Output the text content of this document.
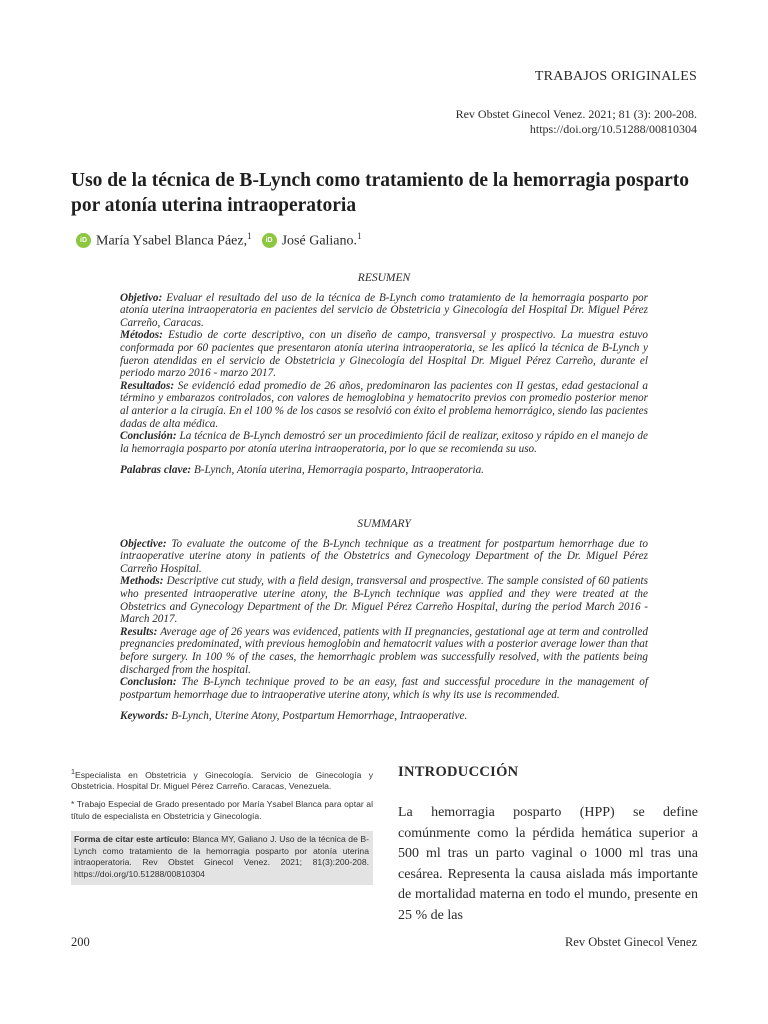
TRABAJOS ORIGINALES
Rev Obstet Ginecol Venez. 2021; 81 (3): 200-208.
https://doi.org/10.51288/00810304
Uso de la técnica de B-Lynch como tratamiento de la hemorragia posparto por atonía uterina intraoperatoria
iD María Ysabel Blanca Páez,$^1$	iD José Galiano.$^1$
RESUMEN

Objetivo: Evaluar el resultado del uso de la técnica de B-Lynch como tratamiento de la hemorragia posparto por atonía uterina intraoperatoria en pacientes del servicio de Obstetricia y Ginecología del Hospital Dr. Miguel Pérez Carreño, Caracas.

Métodos: Estudio de corte descriptivo, con un diseño de campo, transversal y prospectivo. La muestra estuvo conformada por 60 pacientes que presentaron atonía uterina intraoperatoria, se les aplicó la técnica de B-Lynch y fueron atendidas en el servicio de Obstetricia y Ginecología del Hospital Dr. Miguel Pérez Carreño, durante el periodo marzo 2016 - marzo 2017.

Resultados: Se evidenció edad promedio de 26 años, predominaron las pacientes con II gestas, edad gestacional a término y embarazos controlados, con valores de hemoglobina y hematocrito previos con promedio posterior menor al anterior a la cirugía. En el 100 % de los casos se resolvió con éxito el problema hemorrágico, siendo las pacientes dadas de alta médica.

Conclusión: La técnica de B-Lynch demostró ser un procedimiento fácil de realizar, exitoso y rápido en el manejo de la hemorragia posparto por atonía uterina intraoperatoria, por lo que se recomienda su uso.

Palabras clave: B-Lynch, Atonía uterina, Hemorragia posparto, Intraoperatoria.

SUMMARY

Objective: To evaluate the outcome of the B-Lynch technique as a treatment for postpartum hemorrhage due to intraoperative uterine atony in patients of the Obstetrics and Gynecology Department of the Dr. Miguel Pérez Carreño Hospital.

Methods: Descriptive cut study, with a field design, transversal and prospective. The sample consisted of 60 patients who presented intraoperative uterine atony, the B-Lynch technique was applied and they were treated at the Obstetrics and Gynecology Department of the Dr. Miguel Pérez Carreño Hospital, during the period March 2016 - March 2017.

Results: Average age of 26 years was evidenced, patients with II pregnancies, gestational age at term and controlled pregnancies predominated, with previous hemoglobin and hematocrit values with a posterior average lower than that before surgery. In 100 % of the cases, the hemorrhagic problem was successfully resolved, with the patients being discharged from the hospital.

Conclusion: The B-Lynch technique proved to be an easy, fast and successful procedure in the management of postpartum hemorrhage due to intraoperative uterine atony, which is why its use is recommended.

Keywords: B-Lynch, Uterine Atony, Postpartum Hemorrhage, Intraoperative.

$^1$Especialista en Obstetricia y Ginecología. Servicio de Ginecología y Obstetricia. Hospital Dr. Miguel Pérez Carreño. Caracas, Venezuela.

* Trabajo Especial de Grado presentado por María Ysabel Blanca para optar al título de especialista en Obstetricia y Ginecología.

Forma de citar este artículo: Blanca MY, Galiano J. Uso de la técnica de B-Lynch como tratamiento de la hemorragia posparto por atonía uterina intraoperatoria. Rev Obstet Ginecol Venez. 2021; 81(3):200-208. https://doi.org/10.51288/00810304
INTRODUCCIÓN

La hemorragia posparto (HPP) se define comúnmente como la pérdida hemática superior a 500 ml tras un parto vaginal o 1000 ml tras una cesárea. Representa la causa aislada más importante de mortalidad materna en todo el mundo, presente en 25 % de las

200	Rev Obstet Ginecol Venez
